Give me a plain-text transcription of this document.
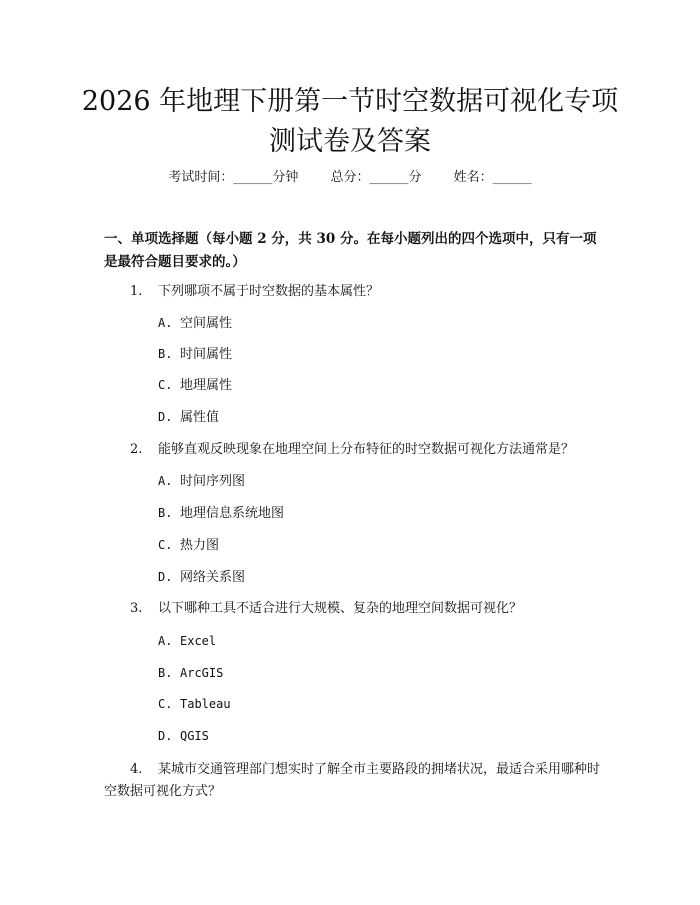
2026 年地理下册第一节时空数据可视化专项
测试卷及答案
考试时间：______分钟 总分：______分 姓名：______
一、单项选择题（每小题 2 分，共 30 分。在每小题列出的四个选项中，只有一项是最符合题目要求的。）
1.	下列哪项不属于时空数据的基本属性？
A. 空间属性
B. 时间属性
C. 地理属性
D. 属性值
2.	能够直观反映现象在地理空间上分布特征的时空数据可视化方法通常是？
A. 时间序列图
B. 地理信息系统地图
C. 热力图
D. 网络关系图
3.	以下哪种工具不适合进行大规模、复杂的地理空间数据可视化？
A. Excel
B. ArcGIS
C. Tableau
D. QGIS
4. 某城市交通管理部门想实时了解全市主要路段的拥堵状况，最适合采用哪种时空数据可视化方式？
